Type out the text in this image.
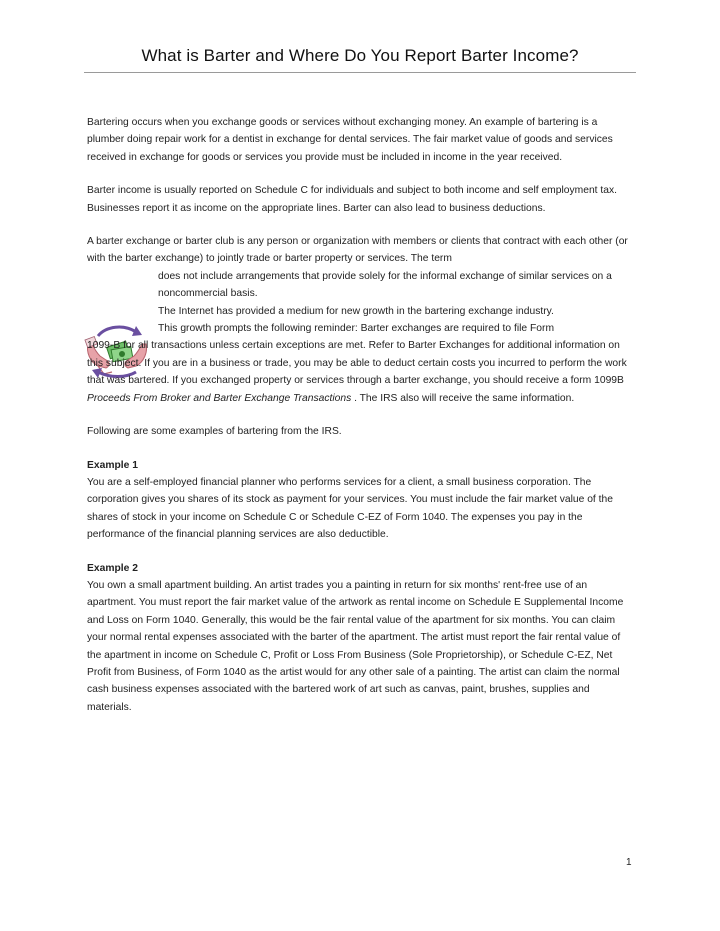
What is Barter and Where Do You Report Barter Income?

Bartering occurs when you exchange goods or services without exchanging money. An example of bartering is a plumber doing repair work for a dentist in exchange for dental services. The fair market value of goods and services received in exchange for goods or services you provide must be included in income in the year received.

Barter income is usually reported on Schedule C for individuals and subject to both income and self employment tax. Businesses report it as income on the appropriate lines. Barter can also lead to business deductions.

A barter exchange or barter club is any person or organization with members or clients that contract with each other (or with the barter exchange) to jointly trade or barter property or services. The term
does not include arrangements that provide solely for the informal exchange of similar services on a noncommercial basis.
The Internet has provided a medium for new growth in the bartering exchange industry.
This growth prompts the following reminder: Barter exchanges are required to file Form
1099-B for all transactions unless certain exceptions are met. Refer to Barter Exchanges for additional information on this subject. If you are in a business or trade, you may be able to deduct certain costs you incurred to perform the work that was bartered. If you exchanged property or services through a barter exchange, you should receive a form 1099B Proceeds From Broker and Barter Exchange Transactions . The IRS also will receive the same information.

Following are some examples of bartering from the IRS.

Example 1

You are a self-employed financial planner who performs services for a client, a small business corporation. The corporation gives you shares of its stock as payment for your services. You must include the fair market value of the shares of stock in your income on Schedule C or Schedule C-EZ of Form 1040. The expenses you pay in the performance of the financial planning services are also deductible.

Example 2

You own a small apartment building. An artist trades you a painting in return for six months' rent-free use of an apartment. You must report the fair market value of the artwork as rental income on Schedule E Supplemental Income and Loss on Form 1040. Generally, this would be the fair rental value of the apartment for six months. You can claim your normal rental expenses associated with the barter of the apartment. The artist must report the fair rental value of the apartment in income on Schedule C, Profit or Loss From Business (Sole Proprietorship), or Schedule C-EZ, Net Profit from Business, of Form 1040 as the artist would for any other sale of a painting. The artist can claim the normal cash business expenses associated with the bartered work of art such as canvas, paint, brushes, supplies and materials.

1
